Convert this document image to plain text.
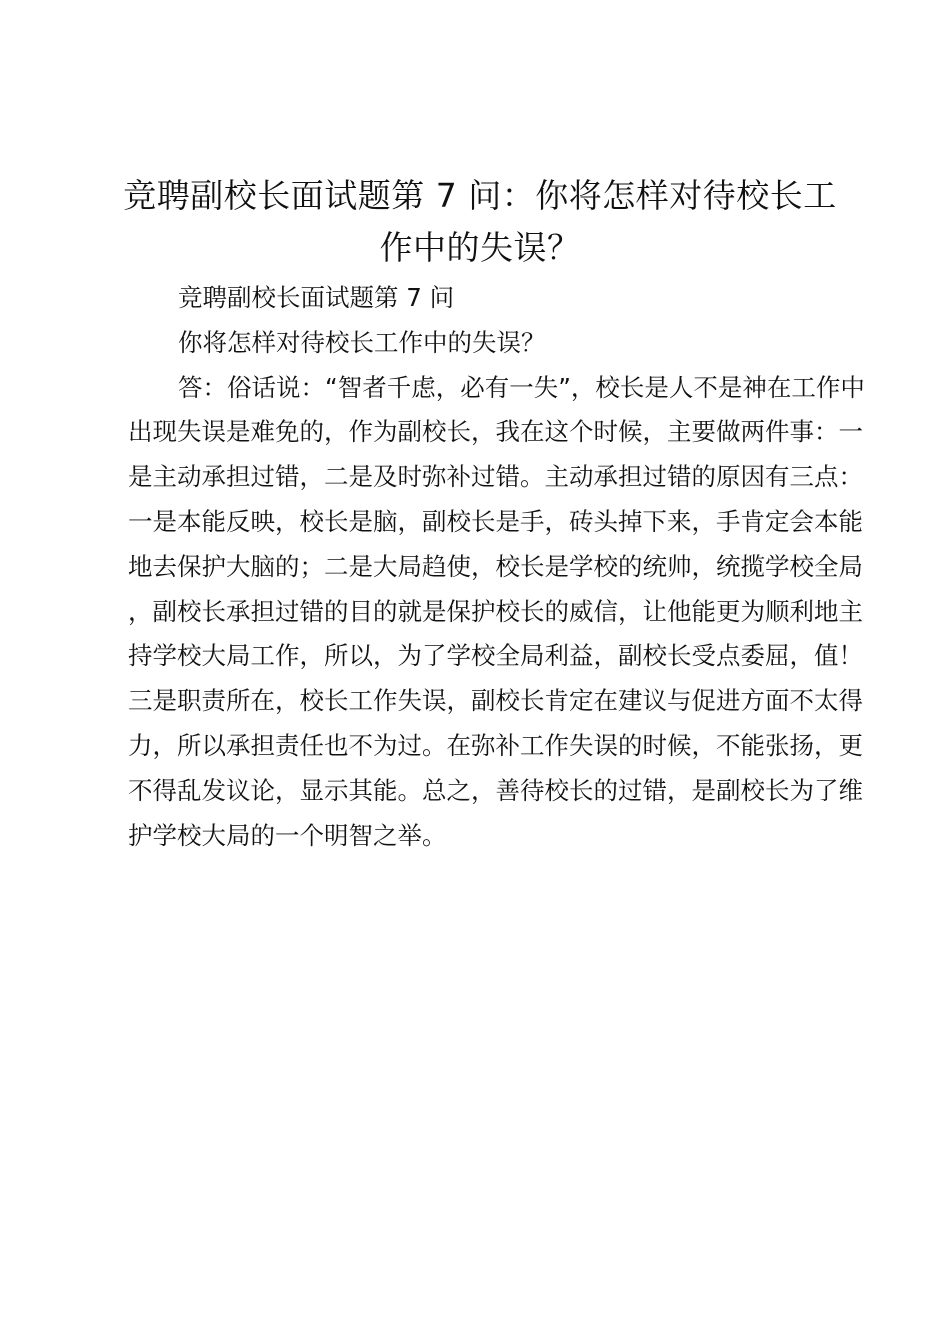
竞聘副校长面试题第 7 问：你将怎样对待校长工作中的失误？

竞聘副校长面试题第 7 问

你将怎样对待校长工作中的失误？

答：俗话说：“智者千虑，必有一失”，校长是人不是神在工作中出现失误是难免的，作为副校长，我在这个时候，主要做两件事：一是主动承担过错，二是及时弥补过错。主动承担过错的原因有三点：一是本能反映，校长是脑，副校长是手，砖头掉下来，手肯定会本能地去保护大脑的；二是大局趋使，校长是学校的统帅，统揽学校全局，副校长承担过错的目的就是保护校长的威信，让他能更为顺利地主持学校大局工作，所以，为了学校全局利益，副校长受点委屈，值！三是职责所在，校长工作失误，副校长肯定在建议与促进方面不太得力，所以承担责任也不为过。在弥补工作失误的时候，不能张扬，更不得乱发议论，显示其能。总之，善待校长的过错，是副校长为了维护学校大局的一个明智之举。
